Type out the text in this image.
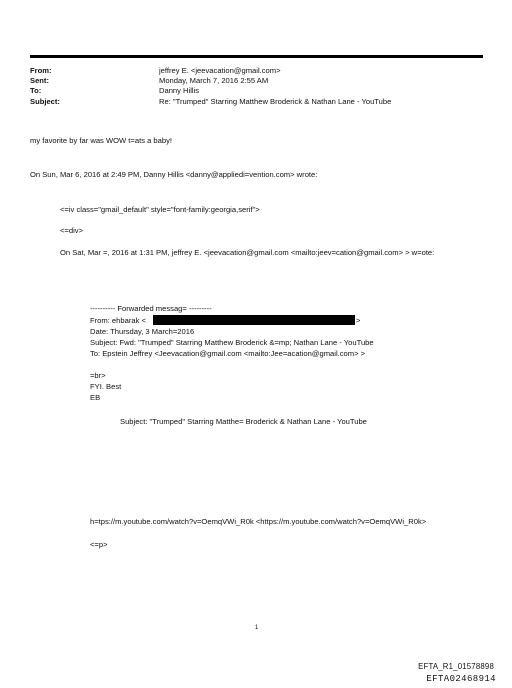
From:	jeffrey E. <jeevacation@gmail.com>
Sent:	Monday, March 7, 2016 2:55 AM
To:	Danny Hillis
Subject:	Re: "Trumped" Starring Matthew Broderick & Nathan Lane - YouTube
my favorite by far was WOW t=ats a baby!
On Sun, Mar 6, 2016 at 2:49 PM, Danny Hillis <danny@appliedi=vention.com> wrote:
<=iv class="gmail_default" style="font-family:georgia,serif">
<=div>
On Sat, Mar =, 2016 at 1:31 PM, jeffrey E. <jeevacation@gmail.com <mailto:jeev=cation@gmail.com> > w=ote:
---------- Forwarded messag= ---------
From: ehbarak <	>
Date: Thursday, 3 March=2016
Subject: Fwd: "Trumped" Starring Matthew Broderick &=mp; Nathan Lane - YouTube
To: Epstein Jeffrey <Jeevacation@gmail.com <mailto:Jee=acation@gmail.com> >
=br>
FYI. Best
EB
Subject: "Trumped" Starring Matthe= Broderick & Nathan Lane - YouTube
h=tps://m.youtube.com/watch?v=OemqVWi_R0k <https://m.youtube.com/watch?v=OemqVWi_R0k>
<=p>
1
EFTA_R1_01578898
EFTA02468914
